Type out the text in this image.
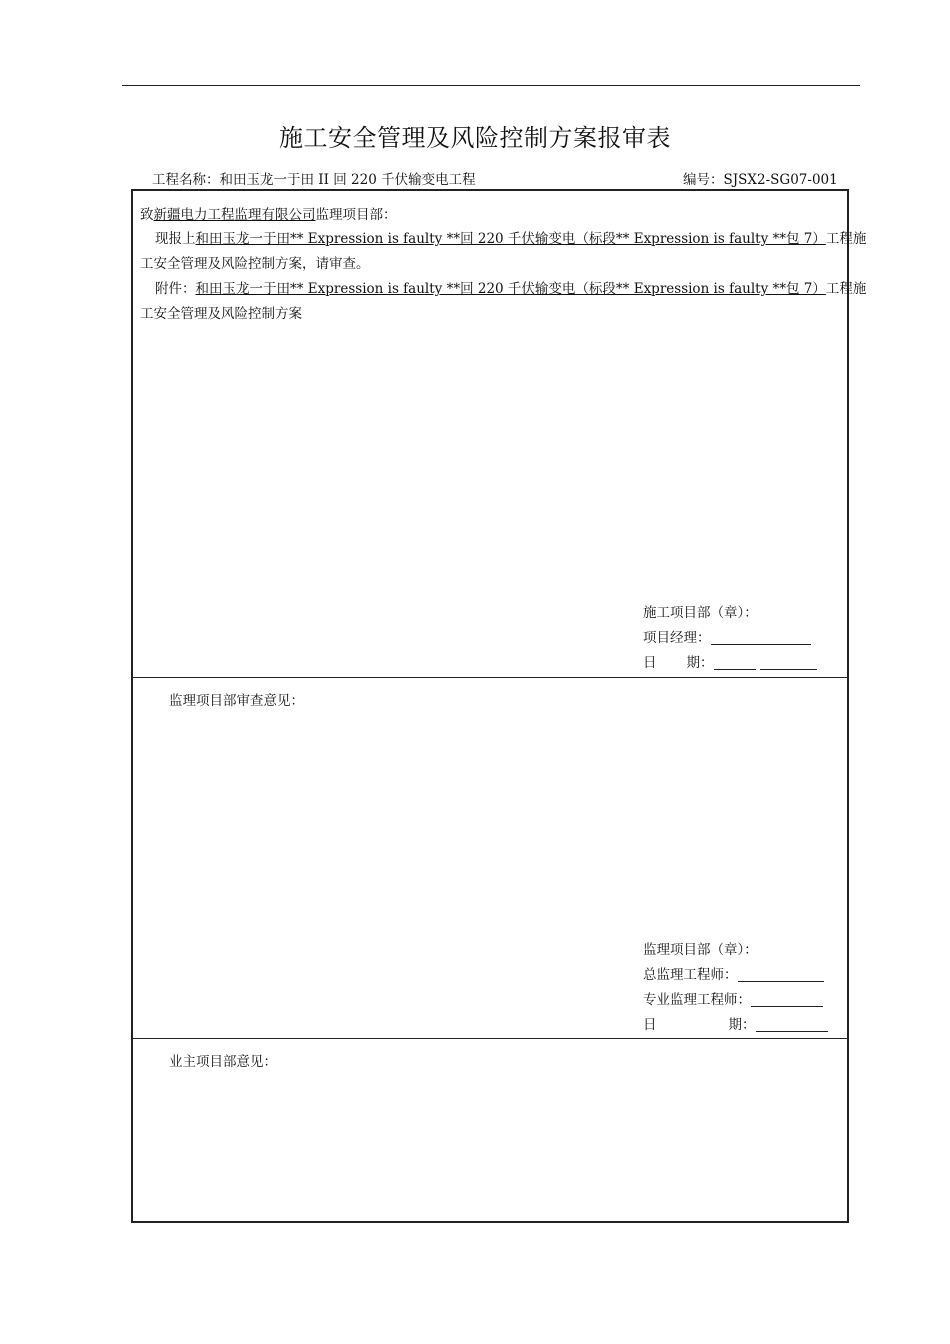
施工安全管理及风险控制方案报审表
工程名称：和田玉龙一于田 II 回 220 千伏输变电工程	编号：SJSX2-SG07-001
致新疆电力工程监理有限公司监理项目部：
现报上和田玉龙一于田** Expression is faulty **回 220 千伏输变电（标段** Expression is faulty **包 7）工程施
工安全管理及风险控制方案，请审查。
附件：和田玉龙一于田** Expression is faulty **回 220 千伏输变电（标段** Expression is faulty **包 7）工程施
工安全管理及风险控制方案
施工项目部（章）：
项目经理：
日 期：
监理项目部审查意见：
监理项目部（章）：
总监理工程师：
专业监理工程师：
日	期：
业主项目部意见：
